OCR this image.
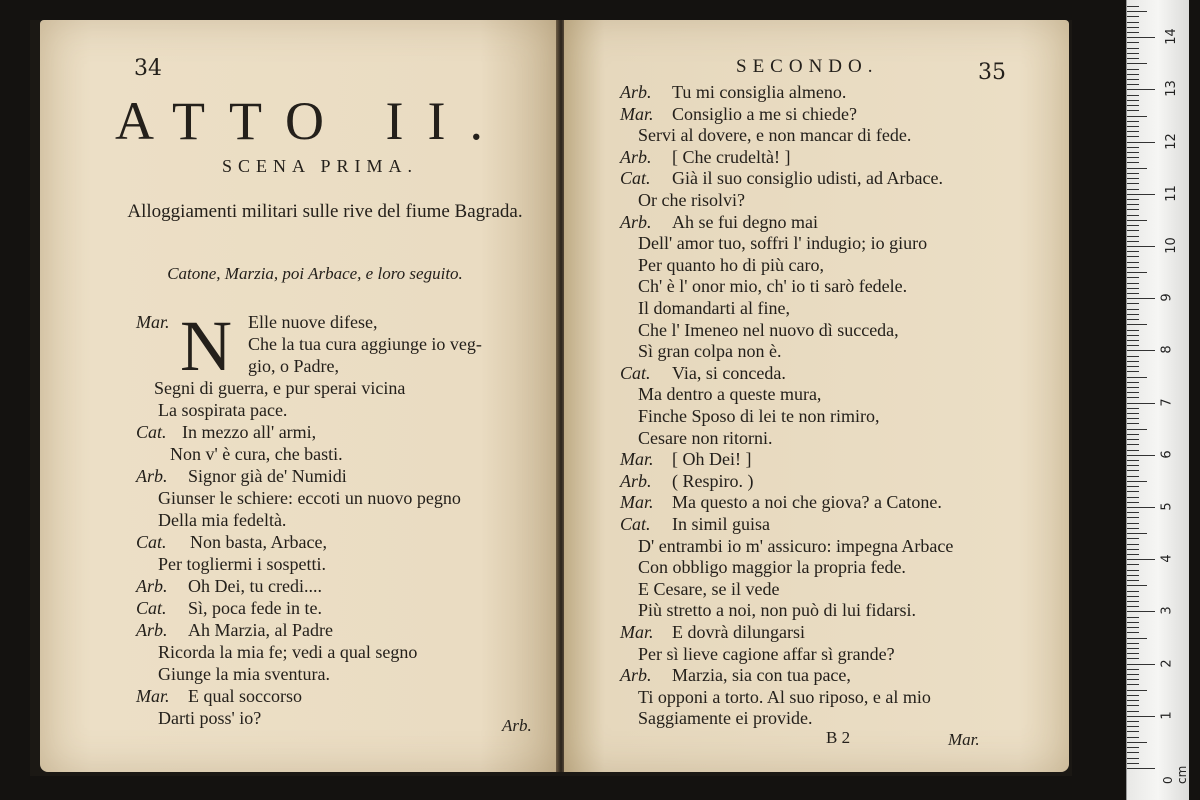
34
ATTO II.
SCENA PRIMA.
Alloggiamenti militari sulle rive del fiume Bagrada.
Catone, Marzia, poi Arbace, e loro seguito.
N
Mar.	Elle nuove difese,
Che la tua cura aggiunge io veg-
gio, o Padre,
Segni di guerra, e pur sperai vicina
La sospirata pace.
Cat. In mezzo all' armi,
Non v' è cura, che basti.
Arb. Signor già de' Numidi
Giunser le schiere: eccoti un nuovo pegno
Della mia fedeltà.
Cat. Non basta, Arbace,
Per togliermi i sospetti.
Arb. Oh Dei, tu credi....
Cat. Sì, poca fede in te.
Arb. Ah Marzia, al Padre
Ricorda la mia fe; vedi a qual segno
Giunge la mia sventura.
Mar. E qual soccorso
Darti poss' io?	Arb.
SECONDO.	35
Arb. Tu mi consiglia almeno.
Mar. Consiglio a me si chiede?
Servi al dovere, e non mancar di fede.
Arb. [ Che crudeltà! ]
Cat. Già il suo consiglio udisti, ad Arbace.
Or che risolvi?
Arb. Ah se fui degno mai
Dell' amor tuo, soffri l' indugio; io giuro
Per quanto ho di più caro,
Ch' è l' onor mio, ch' io ti sarò fedele.
Il domandarti al fine,
Che l' Imeneo nel nuovo dì succeda,
Sì gran colpa non è.
Cat. Via, si conceda.
Ma dentro a queste mura,
Finche Sposo di lei te non rimiro,
Cesare non ritorni.
Mar. [ Oh Dei! ]
Arb. ( Respiro. )
Mar. Ma questo a noi che giova? a Catone.
Cat. In simil guisa
D' entrambi io m' assicuro: impegna Arbace
Con obbligo maggior la propria fede.
E Cesare, se il vede
Più stretto a noi, non può di lui fidarsi.
Mar. E dovrà dilungarsi
Per sì lieve cagione affar sì grande?
Arb. Marzia, sia con tua pace,
Ti opponi a torto. Al suo riposo, e al mio
Saggiamente ei provide.
B 2	Mar.
0 cm
14
13
12
11
10
9
8
7
6
5
4
3
2
1
